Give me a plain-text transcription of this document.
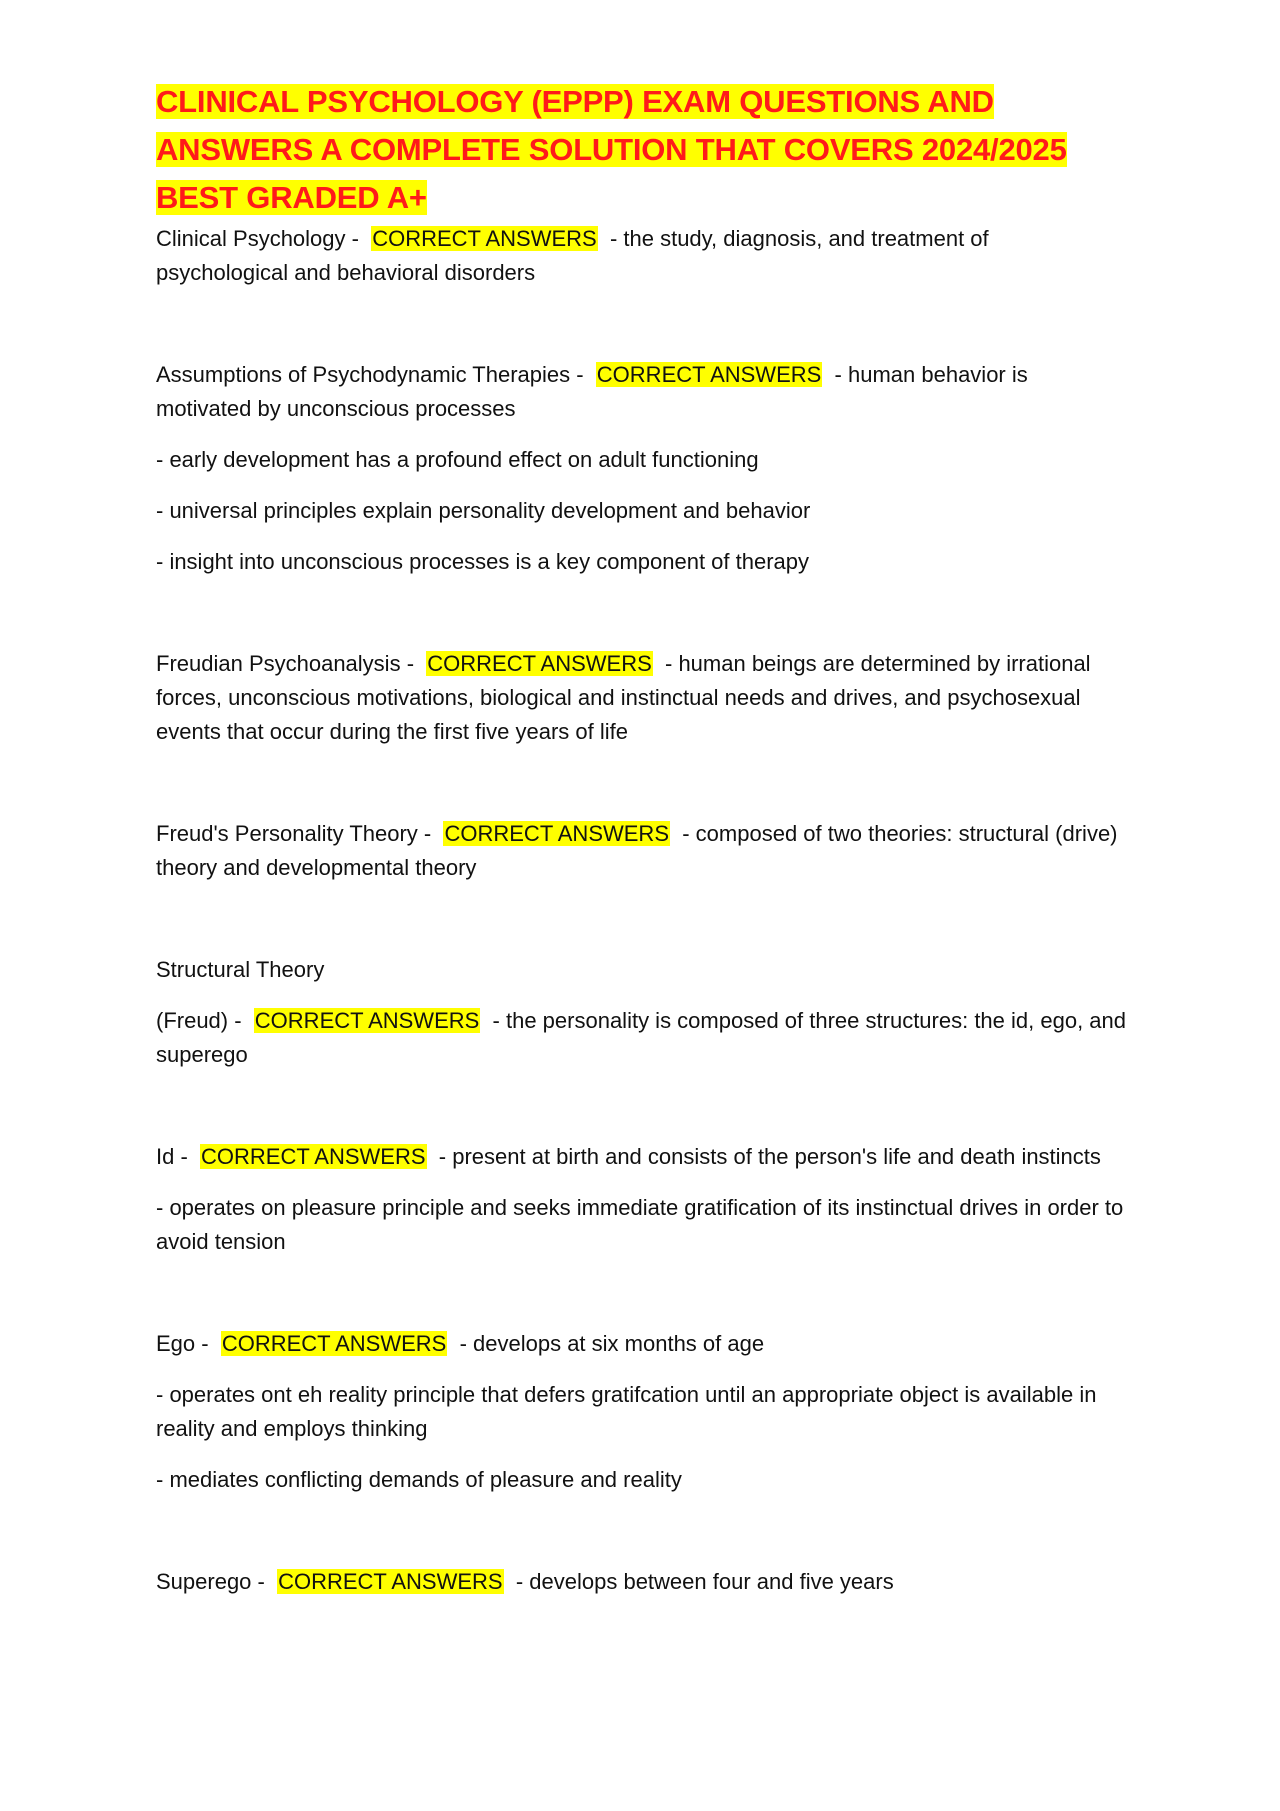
CLINICAL PSYCHOLOGY (EPPP) EXAM QUESTIONS AND ANSWERS A COMPLETE SOLUTION THAT COVERS 2024/2025 BEST GRADED A+

Clinical Psychology -  CORRECT ANSWERS - the study, diagnosis, and treatment of psychological and behavioral disorders

Assumptions of Psychodynamic Therapies -  CORRECT ANSWERS - human behavior is motivated by unconscious processes

- early development has a profound effect on adult functioning

- universal principles explain personality development and behavior

- insight into unconscious processes is a key component of therapy

Freudian Psychoanalysis -  CORRECT ANSWERS - human beings are determined by irrational forces, unconscious motivations, biological and instinctual needs and drives, and psychosexual events that occur during the first five years of life

Freud's Personality Theory -  CORRECT ANSWERS - composed of two theories: structural (drive) theory and developmental theory

Structural Theory

(Freud) -  CORRECT ANSWERS - the personality is composed of three structures: the id, ego, and superego

Id -  CORRECT ANSWERS - present at birth and consists of the person's life and death instincts

- operates on pleasure principle and seeks immediate gratification of its instinctual drives in order to avoid tension

Ego -  CORRECT ANSWERS - develops at six months of age

- operates ont eh reality principle that defers gratifcation until an appropriate object is available in reality and employs thinking

- mediates conflicting demands of pleasure and reality

Superego -  CORRECT ANSWERS - develops between four and five years
